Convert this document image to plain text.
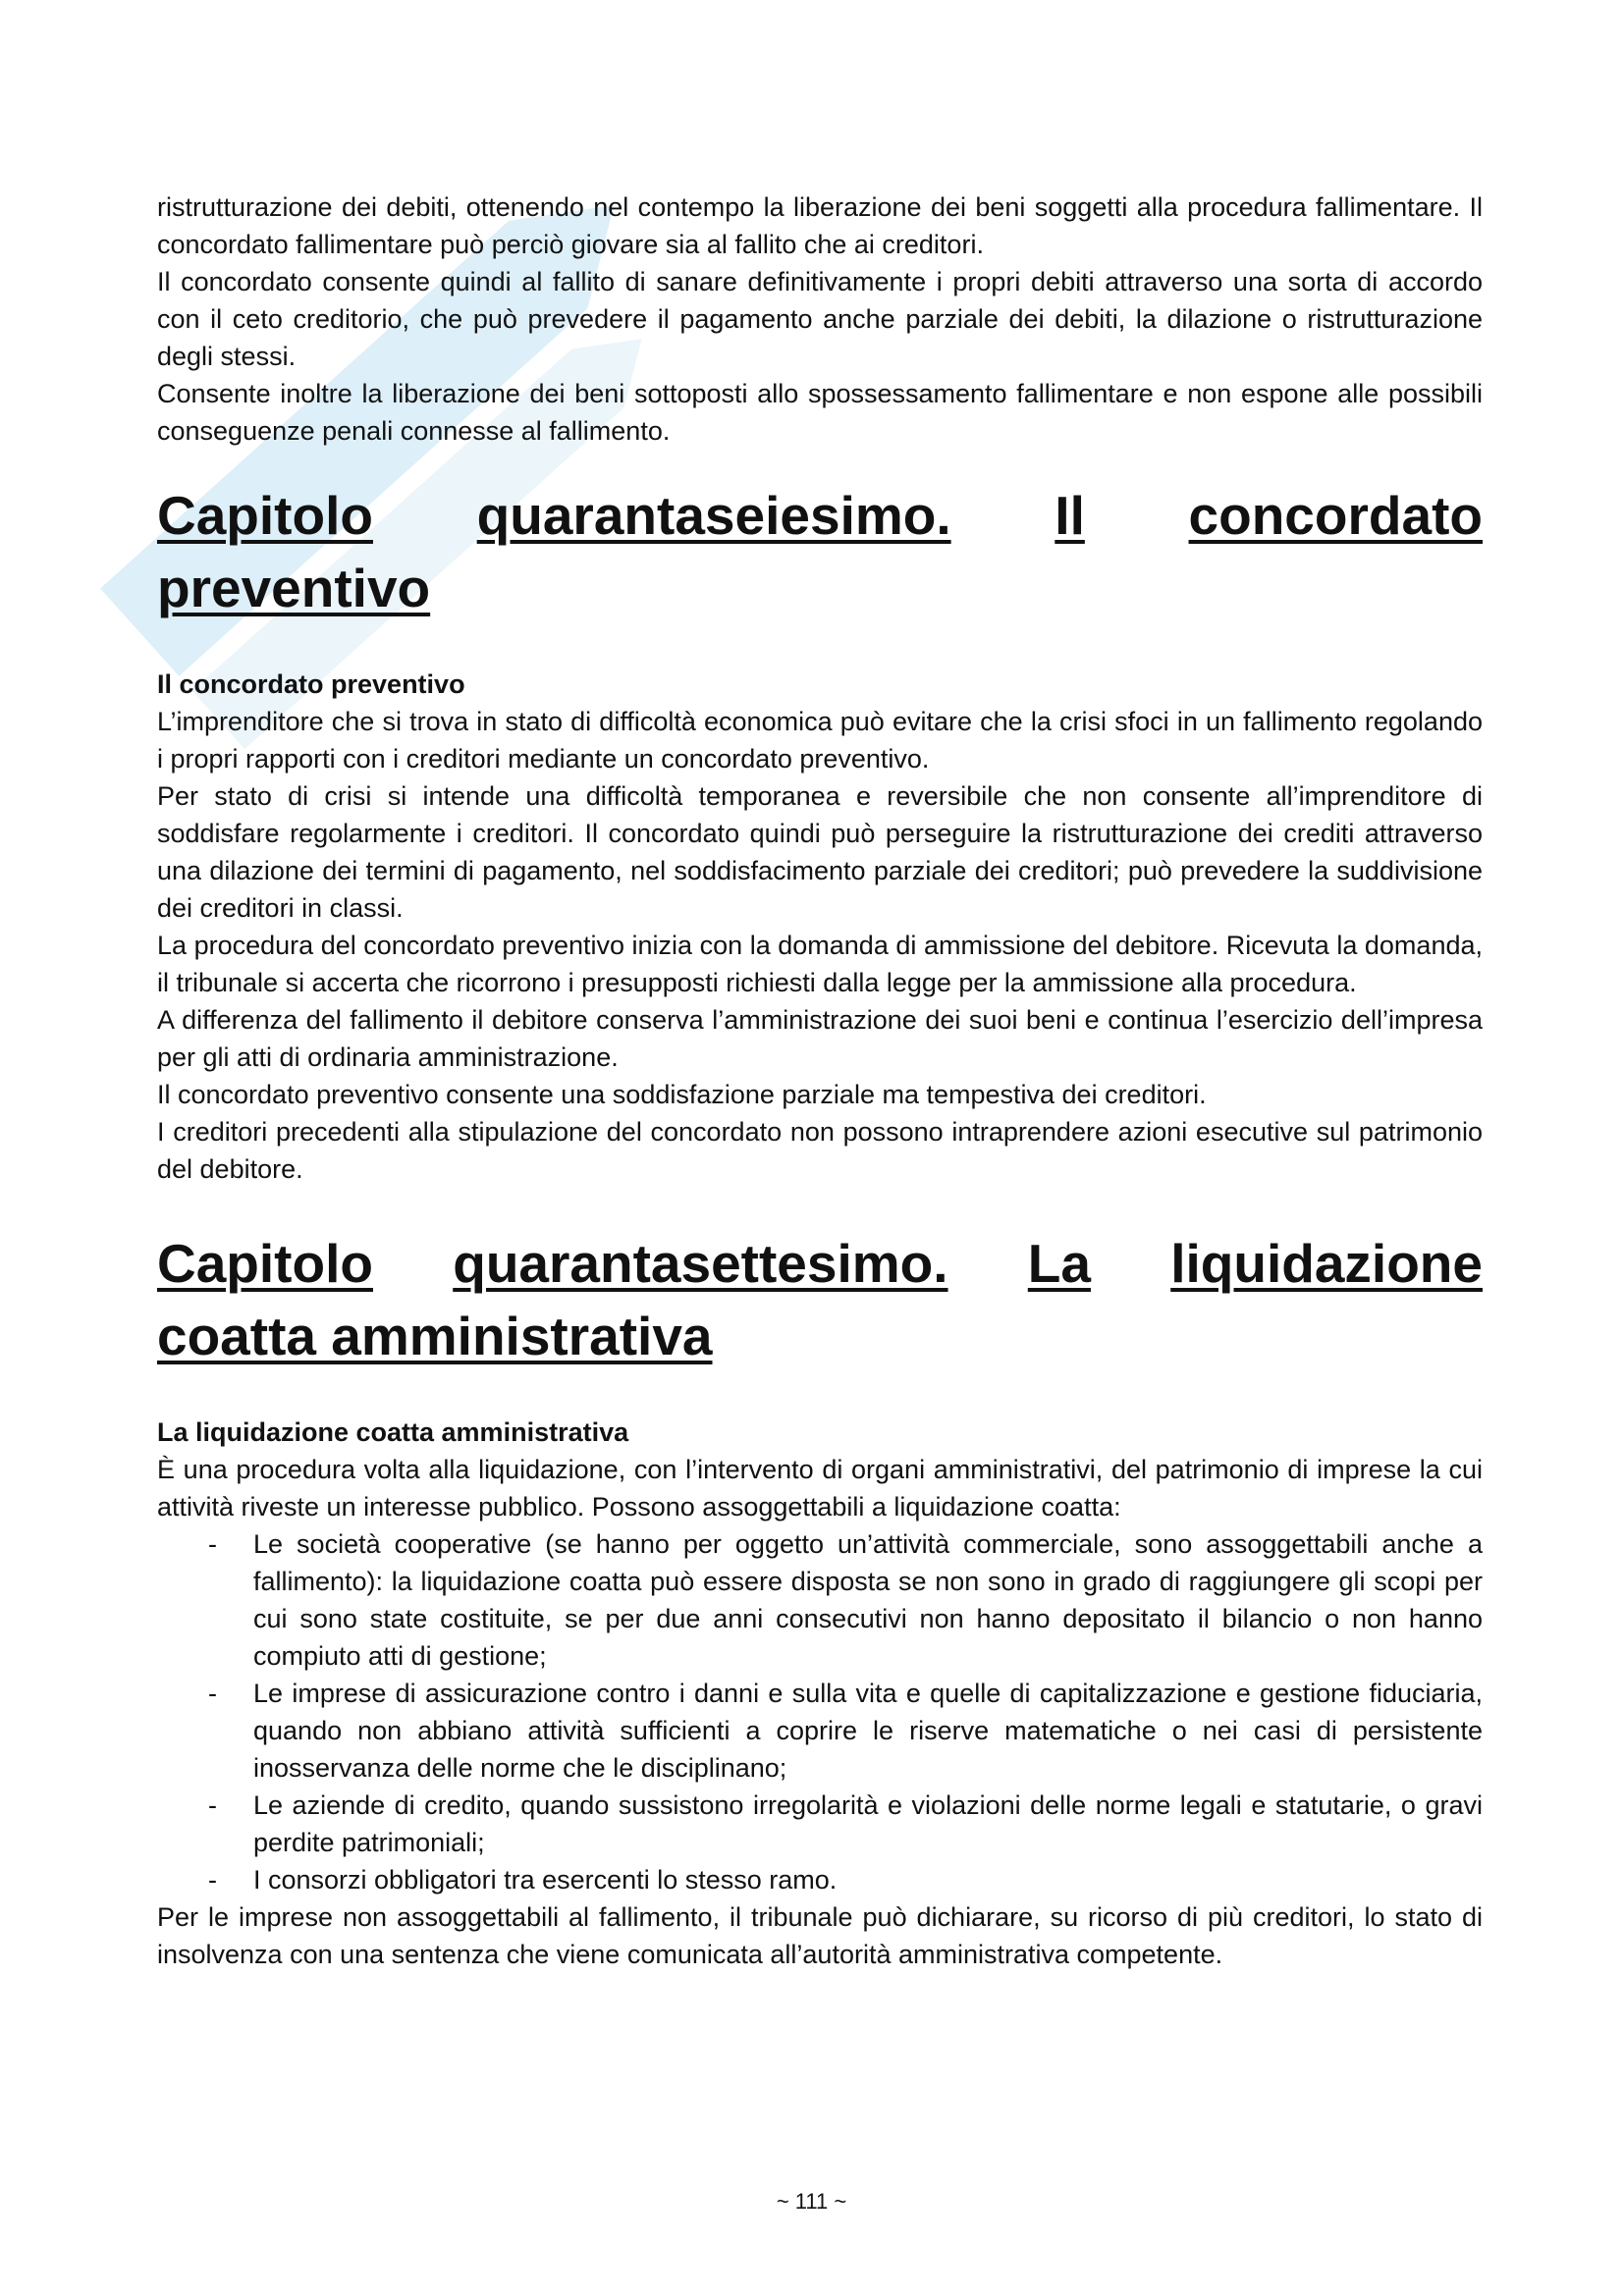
ristrutturazione dei debiti, ottenendo nel contempo la liberazione dei beni soggetti alla procedura fallimentare. Il concordato fallimentare può perciò giovare sia al fallito che ai creditori.

Il concordato consente quindi al fallito di sanare definitivamente i propri debiti attraverso una sorta di accordo con il ceto creditorio, che può prevedere il pagamento anche parziale dei debiti, la dilazione o ristrutturazione degli stessi.

Consente inoltre la liberazione dei beni sottoposti allo spossessamento fallimentare e non espone alle possibili conseguenze penali connesse al fallimento.

Capitolo quarantaseiesimo. Il concordato
preventivo

Il concordato preventivo

L’imprenditore che si trova in stato di difficoltà economica può evitare che la crisi sfoci in un fallimento regolando i propri rapporti con i creditori mediante un concordato preventivo.

Per stato di crisi si intende una difficoltà temporanea e reversibile che non consente all’imprenditore di soddisfare regolarmente i creditori. Il concordato quindi può perseguire la ristrutturazione dei crediti attraverso una dilazione dei termini di pagamento, nel soddisfacimento parziale dei creditori; può prevedere la suddivisione dei creditori in classi.

La procedura del concordato preventivo inizia con la domanda di ammissione del debitore. Ricevuta la domanda, il tribunale si accerta che ricorrono i presupposti richiesti dalla legge per la ammissione alla procedura.

A differenza del fallimento il debitore conserva l’amministrazione dei suoi beni e continua l’esercizio dell’impresa per gli atti di ordinaria amministrazione.

Il concordato preventivo consente una soddisfazione parziale ma tempestiva dei creditori.

I creditori precedenti alla stipulazione del concordato non possono intraprendere azioni esecutive sul patrimonio del debitore.

Capitolo quarantasettesimo. La liquidazione
coatta amministrativa

La liquidazione coatta amministrativa

È una procedura volta alla liquidazione, con l’intervento di organi amministrativi, del patrimonio di imprese la cui attività riveste un interesse pubblico. Possono assoggettabili a liquidazione coatta:

- Le società cooperative (se hanno per oggetto un’attività commerciale, sono assoggettabili anche a fallimento): la liquidazione coatta può essere disposta se non sono in grado di raggiungere gli scopi per cui sono state costituite, se per due anni consecutivi non hanno depositato il bilancio o non hanno compiuto atti di gestione;
- Le imprese di assicurazione contro i danni e sulla vita e quelle di capitalizzazione e gestione fiduciaria, quando non abbiano attività sufficienti a coprire le riserve matematiche o nei casi di persistente inosservanza delle norme che le disciplinano;
- Le aziende di credito, quando sussistono irregolarità e violazioni delle norme legali e statutarie, o gravi perdite patrimoniali;
- I consorzi obbligatori tra esercenti lo stesso ramo.

Per le imprese non assoggettabili al fallimento, il tribunale può dichiarare, su ricorso di più creditori, lo stato di insolvenza con una sentenza che viene comunicata all’autorità amministrativa competente.

~ 111 ~
